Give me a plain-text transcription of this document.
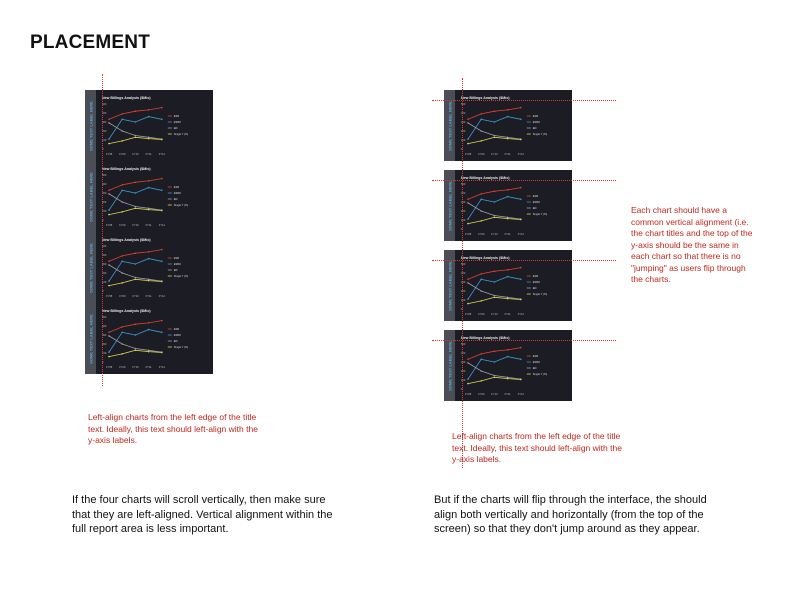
PLACEMENT
SOME TEXT LABEL HERE
New Billings Analysis ($Mio)
500
400
300
200
100
0
FY08	FY09	FY10	FY11	FY12
ESB
ESBO
EIF
Single Y (%)
SOME TEXT LABEL HERE
New Billings Analysis ($Mio)
500
400
300
200
100
0
FY08	FY09	FY10	FY11	FY12
ESB
ESBO
EIF
Single Y (%)
SOME TEXT LABEL HERE
New Billings Analysis ($Mio)
500
400
300
200
100
0
FY08	FY09	FY10	FY11	FY12
ESB
ESBO
EIF
Single Y (%)
SOME TEXT LABEL HERE
New Billings Analysis ($Mio)
500
400
300
200
100
0
FY08	FY09	FY10	FY11	FY12
ESB
ESBO
EIF
Single Y (%)
SOME TEXT LABEL HERE
New Billings Analysis ($Mio)
500
400
300
200
100
0
FY08	FY09	FY10	FY11	FY12
ESB
ESBO
EIF
Single Y (%)
SOME TEXT LABEL HERE
New Billings Analysis ($Mio)
500
400
300
200
100
0
FY08	FY09	FY10	FY11	FY12
ESB
ESBO
EIF
Single Y (%)
SOME TEXT LABEL HERE
New Billings Analysis ($Mio)
500
400
300
200
100
0
FY08	FY09	FY10	FY11	FY12
ESB
ESBO
EIF
Single Y (%)
SOME TEXT LABEL HERE
New Billings Analysis ($Mio)
500
400
300
200
100
0
FY08	FY09	FY10	FY11	FY12
ESB
ESBO
EIF
Single Y (%)
Left-align charts from the left edge of the title text. Ideally, this text should left-align with the y-axis labels.	Left-align charts from the left edge of the title text. Ideally, this text should left-align with the y-axis labels.
Each chart should have a common vertical alignment (i.e. the chart titles and the top of the y-axis should be the same in each chart so that there is no "jumping" as users flip through the charts.
If the four charts will scroll vertically, then make sure that they are left-aligned. Vertical alignment within the full report area is less important.
But if the charts will flip through the interface, the should align both vertically and horizontally (from the top of the screen) so that they don't jump around as they appear.
